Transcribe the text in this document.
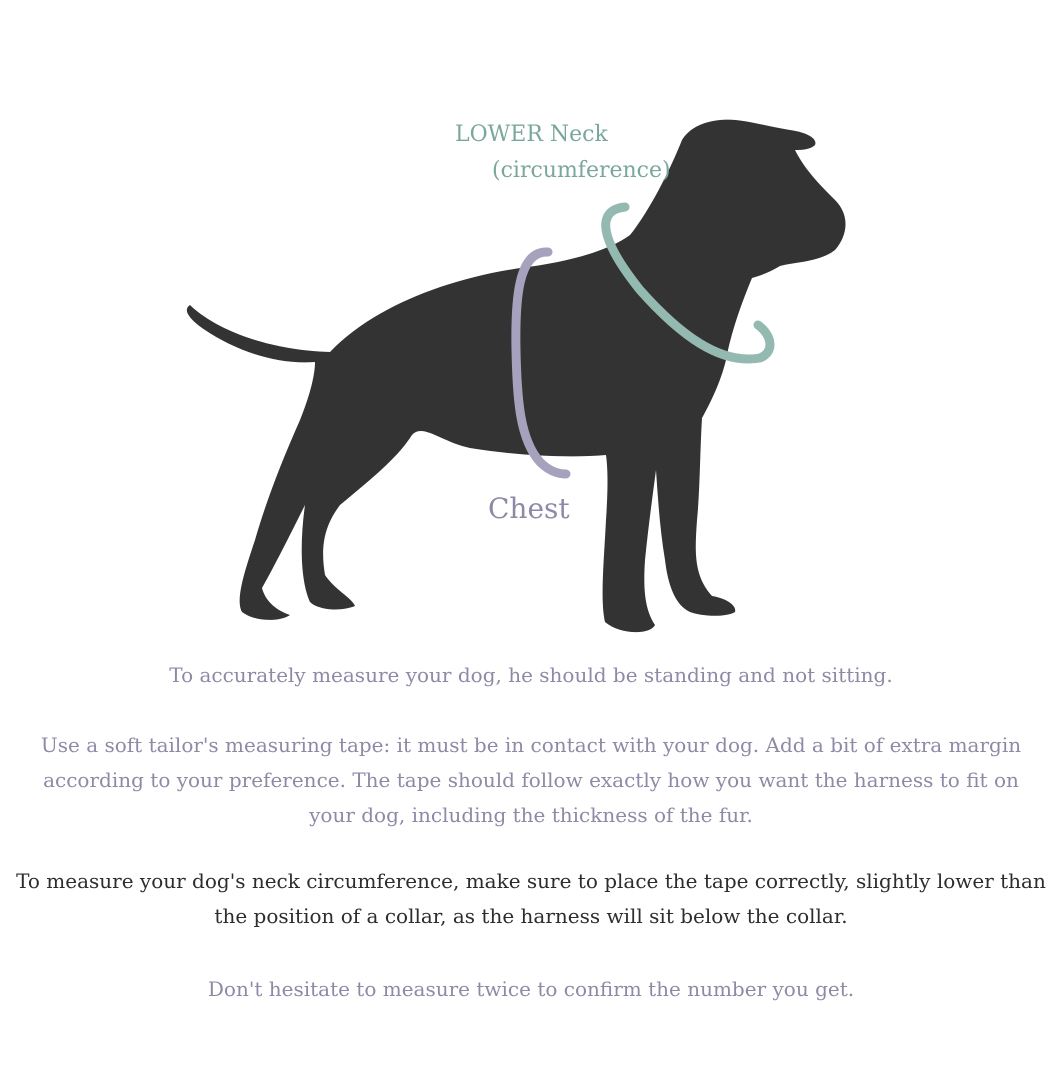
LOWER Neck
(circumference)
Chest

To accurately measure your dog, he should be standing and not sitting.

Use a soft tailor's measuring tape: it must be in contact with your dog. Add a bit of extra margin
according to your preference. The tape should follow exactly how you want the harness to fit on
your dog, including the thickness of the fur.

To measure your dog's neck circumference, make sure to place the tape correctly, slightly lower than
the position of a collar, as the harness will sit below the collar.

Don't hesitate to measure twice to confirm the number you get.
